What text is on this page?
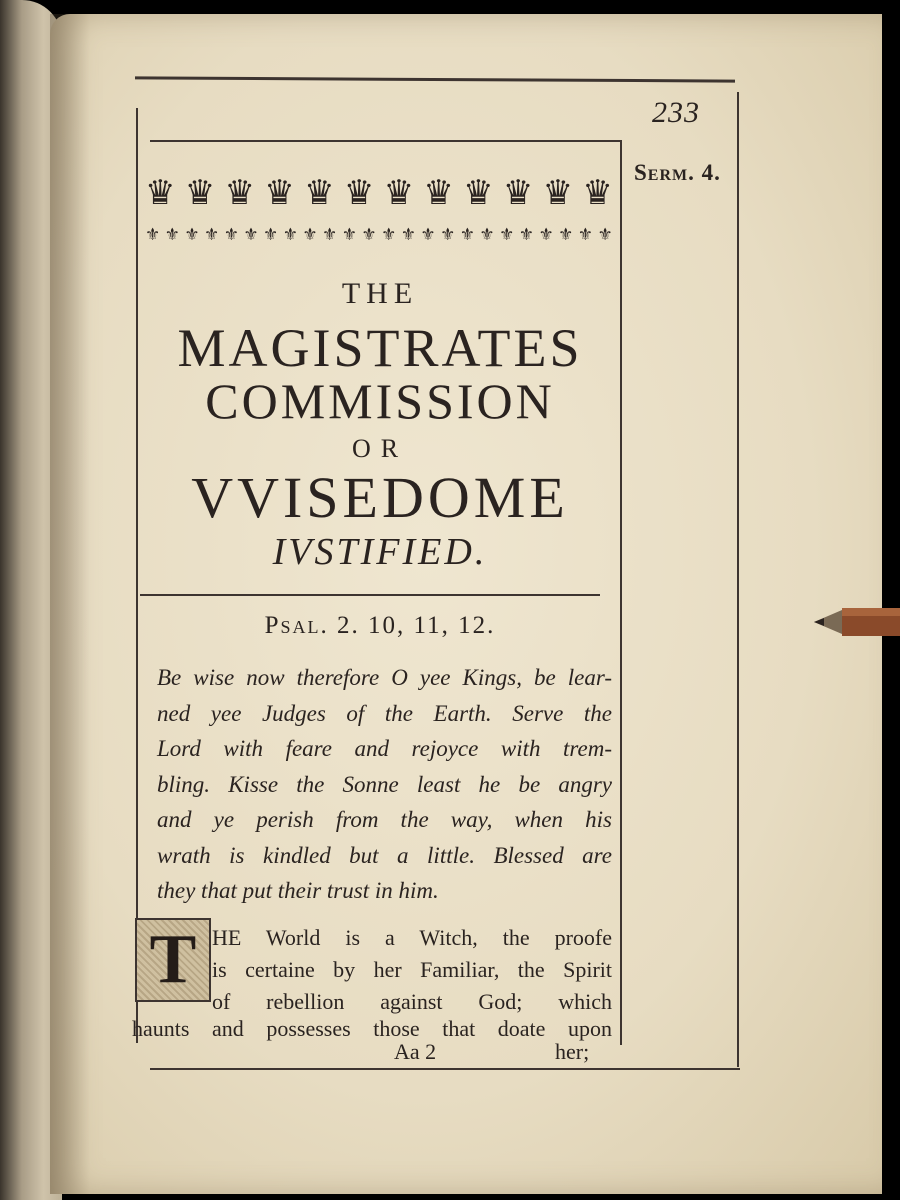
233
Serm. 4.
♛ ♛ ♛ ♛ ♛ ♛ ♛ ♛ ♛ ♛ ♛ ♛
⚜ ⚜ ⚜ ⚜ ⚜ ⚜ ⚜ ⚜ ⚜ ⚜ ⚜ ⚜ ⚜ ⚜ ⚜ ⚜ ⚜ ⚜ ⚜ ⚜ ⚜ ⚜ ⚜ ⚜
THE
MAGISTRATES
COMMISSION
OR
VVISEDOME
IVSTIFIED.
Psal. 2. 10, 11, 12.
Be wise now therefore O yee Kings, be lear-
ned yee Judges of the Earth. Serve the
Lord with feare and rejoyce with trem-
bling. Kisse the Sonne least he be angry
and ye perish from the way, when his
wrath is kindled but a little. Blessed are
they that put their trust in him.
T HE World is a Witch, the proofe
is certaine by her Familiar, the Spirit
of rebellion against God; which
haunts and possesses those that doate upon
Aa 2	her;
